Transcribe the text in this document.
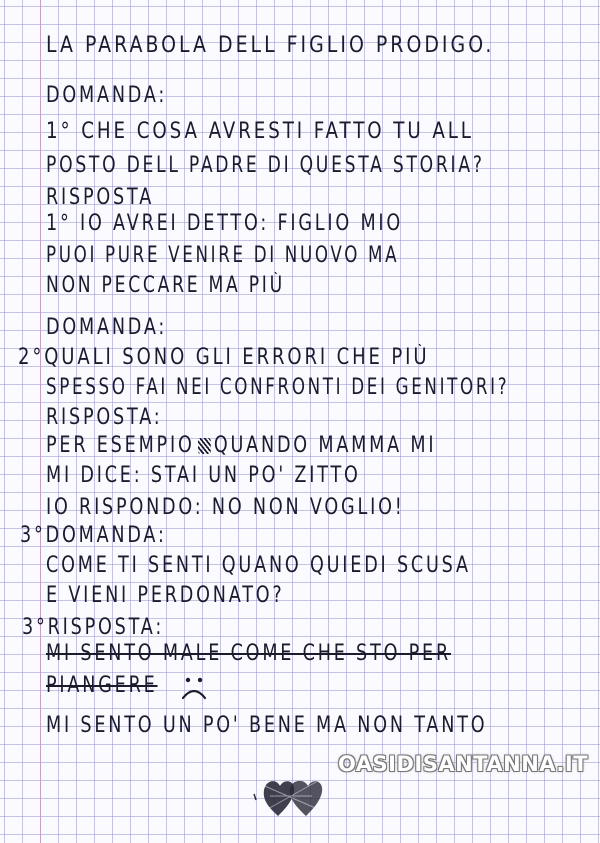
LA PARABOLA DELL FIGLIO PRODIGO.
DOMANDA:
1° CHE COSA AVRESTI FATTO TU ALL
POSTO DELL PADRE DI QUESTA STORIA?
RISPOSTA
1° IO AVREI DETTO: FIGLIO MIO
PUOI PURE VENIRE DI NUOVO MA
NON PECCARE MA PIÙ
DOMANDA:
2°QUALI SONO GLI ERRORI CHE PIÙ
SPESSO FAI NEI CONFRONTI DEI GENITORI?
RISPOSTA:
PER ESEMPIO QUANDO MAMMA MI
MI DICE: STAI UN PO' ZITTO
IO RISPONDO: NO NON VOGLIO!
3°DOMANDA:
COME TI SENTI QUANO QUIEDI SCUSA
E VIENI PERDONATO?
3°RISPOSTA:
MI SENTO MALE COME CHE STO PER
PIANGERE
MI SENTO UN PO' BENE MA NON TANTO
OASIDISANTANNA.IT
